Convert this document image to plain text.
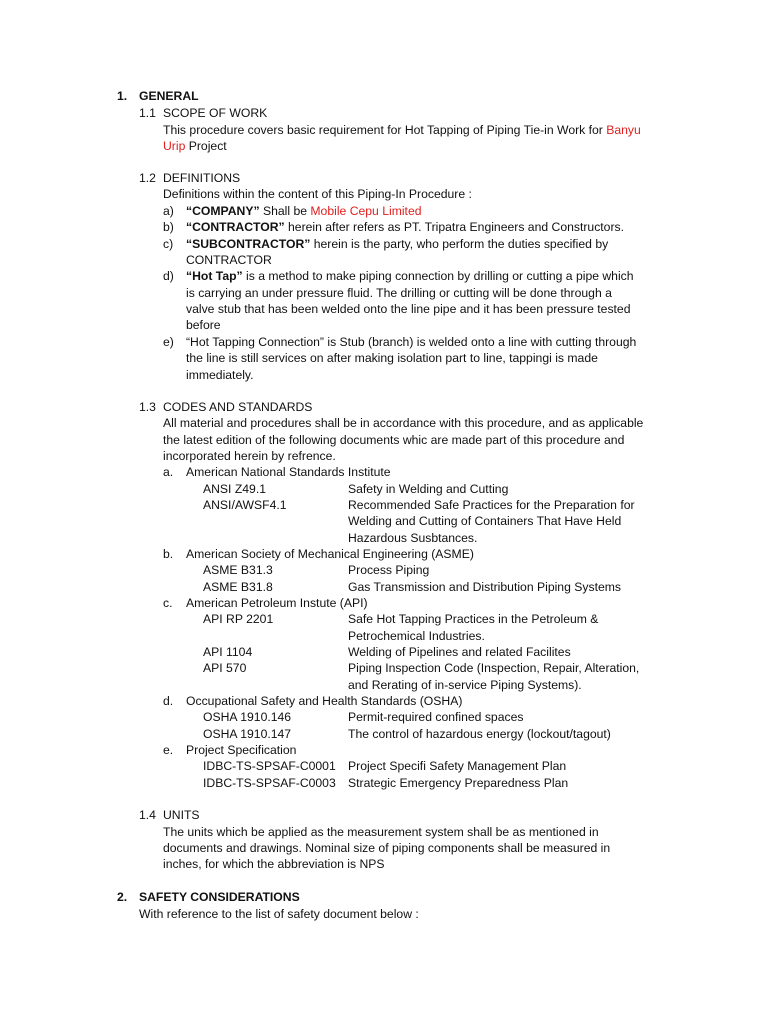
1. GENERAL
1.1 SCOPE OF WORK
This procedure covers basic requirement for Hot Tapping of Piping Tie-in Work for Banyu
Urip Project
1.2 DEFINITIONS
Definitions within the content of this Piping-In Procedure :
a) “COMPANY” Shall be Mobile Cepu Limited
b) “CONTRACTOR” herein after refers as PT. Tripatra Engineers and Constructors.
c) “SUBCONTRACTOR” herein is the party, who perform the duties specified by
CONTRACTOR
d) “Hot Tap” is a method to make piping connection by drilling or cutting a pipe which
is carrying an under pressure fluid. The drilling or cutting will be done through a
valve stub that has been welded onto the line pipe and it has been pressure tested
before
e) “Hot Tapping Connection” is Stub (branch) is welded onto a line with cutting through
the line is still services on after making isolation part to line, tappingi is made
immediately.
1.3 CODES AND STANDARDS
All material and procedures shall be in accordance with this procedure, and as applicable
the latest edition of the following documents whic are made part of this procedure and
incorporated herein by refrence.
a. American National Standards Institute
ANSI Z49.1	Safety in Welding and Cutting
ANSI/AWSF4.1	Recommended Safe Practices for the Preparation for
Welding and Cutting of Containers That Have Held
Hazardous Susbtances.
b. American Society of Mechanical Engineering (ASME)
ASME B31.3	Process Piping
ASME B31.8	Gas Transmission and Distribution Piping Systems
c. American Petroleum Instute (API)
API RP 2201	Safe Hot Tapping Practices in the Petroleum &
Petrochemical Industries.
API 1104	Welding of Pipelines and related Facilites
API 570	Piping Inspection Code (Inspection, Repair, Alteration,
and Rerating of in-service Piping Systems).
d. Occupational Safety and Health Standards (OSHA)
OSHA 1910.146	Permit-required confined spaces
OSHA 1910.147	The control of hazardous energy (lockout/tagout)
e. Project Specification
IDBC-TS-SPSAF-C0001 Project Specifi Safety Management Plan
IDBC-TS-SPSAF-C0003 Strategic Emergency Preparedness Plan
1.4 UNITS
The units which be applied as the measurement system shall be as mentioned in
documents and drawings. Nominal size of piping components shall be measured in
inches, for which the abbreviation is NPS
2. SAFETY CONSIDERATIONS
With reference to the list of safety document below :
